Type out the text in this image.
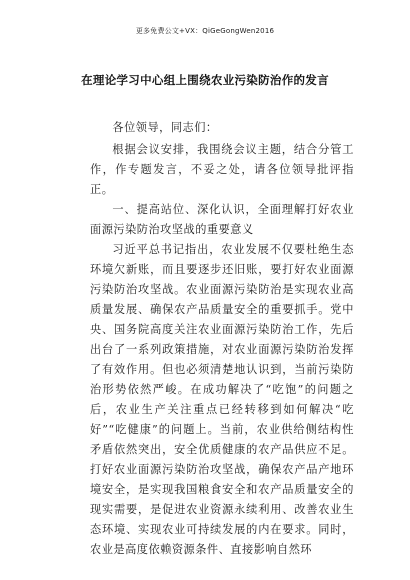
更多免费公文+VX：QiGeGongWen2016
在理论学习中心组上围绕农业污染防治作的发言

各位领导，同志们：

根据会议安排，我围绕会议主题，结合分管工作，作专题发言，不妥之处，请各位领导批评指正。

一、提高站位、深化认识，全面理解打好农业面源污染防治攻坚战的重要意义

习近平总书记指出，农业发展不仅要杜绝生态环境欠新账，而且要逐步还旧账，要打好农业面源污染防治攻坚战。农业面源污染防治是实现农业高质量发展、确保农产品质量安全的重要抓手。党中央、国务院高度关注农业面源污染防治工作，先后出台了一系列政策措施，对农业面源污染防治发挥了有效作用。但也必须清楚地认识到，当前污染防治形势依然严峻。在成功解决了“吃饱”的问题之后，农业生产关注重点已经转移到如何解决“吃好”“吃健康”的问题上。当前，农业供给侧结构性矛盾依然突出，安全优质健康的农产品供应不足。打好农业面源污染防治攻坚战，确保农产品产地环境安全，是实现我国粮食安全和农产品质量安全的现实需要，是促进农业资源永续利用、改善农业生态环境、实现农业可持续发展的内在要求。同时，农业是高度依赖资源条件、直接影响自然环
